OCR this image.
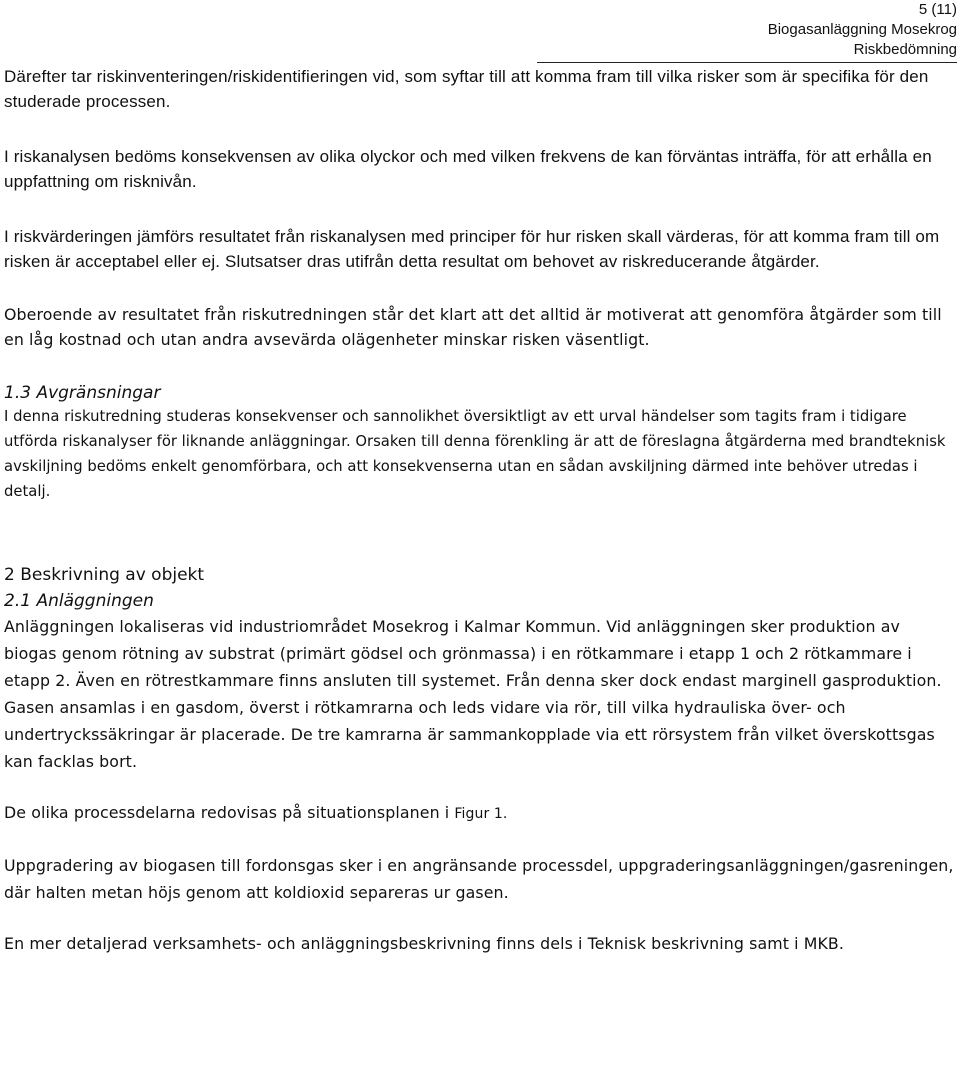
5 (11)
Biogasanläggning Mosekrog
Riskbedömning

Därefter tar riskinventeringen/riskidentifieringen vid, som syftar till att komma fram till vilka risker som är specifika för den studerade processen.

I riskanalysen bedöms konsekvensen av olika olyckor och med vilken frekvens de kan förväntas inträffa, för att erhålla en uppfattning om risknivån.

I riskvärderingen jämförs resultatet från riskanalysen med principer för hur risken skall värderas, för att komma fram till om risken är acceptabel eller ej. Slutsatser dras utifrån detta resultat om behovet av riskreducerande åtgärder.

Oberoende av resultatet från riskutredningen står det klart att det alltid är motiverat att genomföra åtgärder som till en låg kostnad och utan andra avsevärda olägenheter minskar risken väsentligt.

1.3 Avgränsningar

I denna riskutredning studeras konsekvenser och sannolikhet översiktligt av ett urval händelser som tagits fram i tidigare utförda riskanalyser för liknande anläggningar. Orsaken till denna förenkling är att de föreslagna åtgärderna med brandteknisk avskiljning bedöms enkelt genomförbara, och att konsekvenserna utan en sådan avskiljning därmed inte behöver utredas i detalj.

2 Beskrivning av objekt
2.1 Anläggningen

Anläggningen lokaliseras vid industriområdet Mosekrog i Kalmar Kommun. Vid anläggningen sker produktion av biogas genom rötning av substrat (primärt gödsel och grönmassa) i en rötkammare i etapp 1 och 2 rötkammare i etapp 2. Även en rötrestkammare finns ansluten till systemet. Från denna sker dock endast marginell gasproduktion. Gasen ansamlas i en gasdom, överst i rötkamrarna och leds vidare via rör, till vilka hydrauliska över- och undertryckssäkringar är placerade. De tre kamrarna är sammankopplade via ett rörsystem från vilket överskottsgas kan facklas bort.

De olika processdelarna redovisas på situationsplanen i Figur 1.

Uppgradering av biogasen till fordonsgas sker i en angränsande processdel, uppgraderingsanläggningen/gasreningen, där halten metan höjs genom att koldioxid separeras ur gasen.

En mer detaljerad verksamhets- och anläggningsbeskrivning finns dels i Teknisk beskrivning samt i MKB.
